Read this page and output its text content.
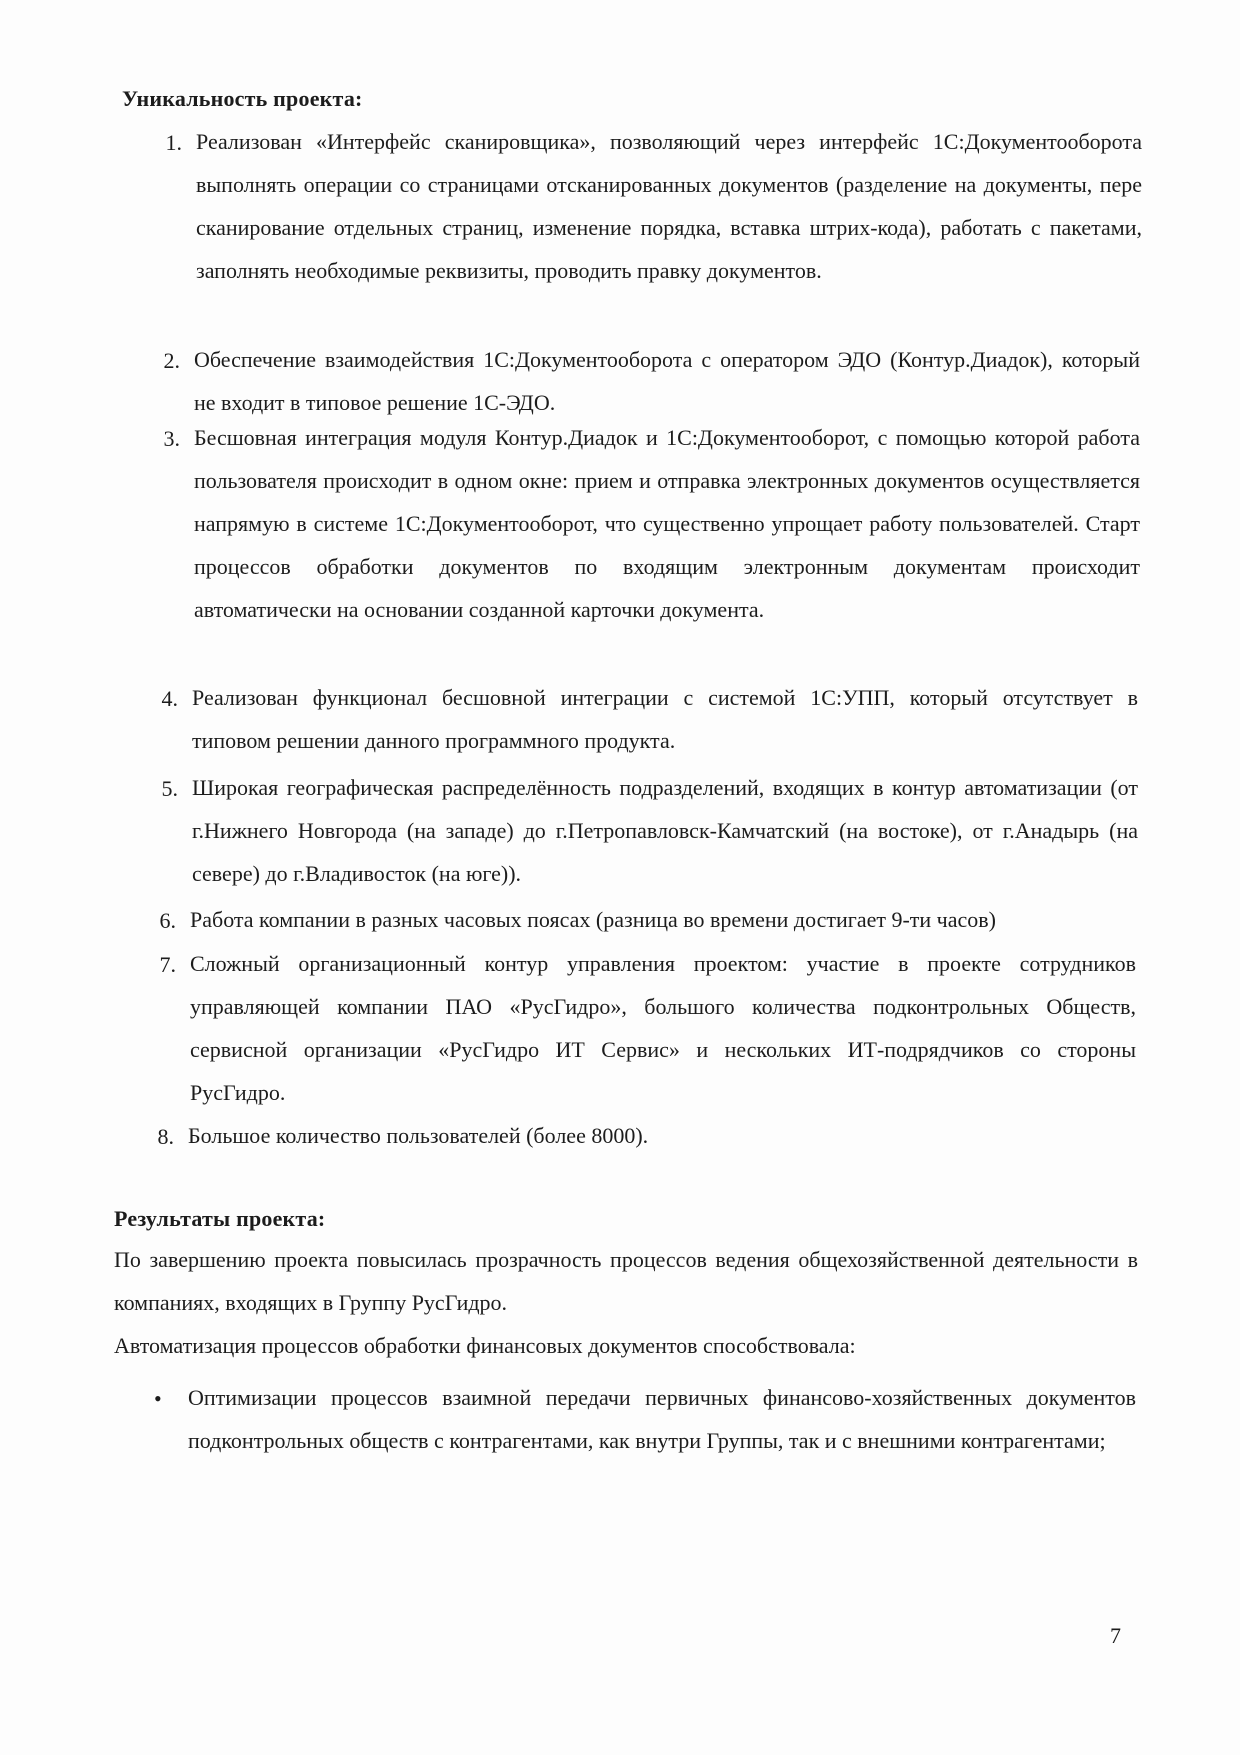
Уникальность проекта:
1. Реализован «Интерфейс сканировщика», позволяющий через интерфейс 1С:Документооборота выполнять операции со страницами отсканированных документов (разделение на документы, пере сканирование отдельных страниц, изменение порядка, вставка штрих-кода), работать с пакетами, заполнять необходимые реквизиты, проводить правку документов.
2. Обеспечение взаимодействия 1С:Документооборота с оператором ЭДО (Контур.Диадок), который не входит в типовое решение 1С-ЭДО.
3. Бесшовная интеграция модуля Контур.Диадок и 1С:Документооборот, с помощью которой работа пользователя происходит в одном окне: прием и отправка электронных документов осуществляется напрямую в системе 1С:Документооборот, что существенно упрощает работу пользователей. Старт процессов обработки документов по входящим электронным документам происходит автоматически на основании созданной карточки документа.
4. Реализован функционал бесшовной интеграции с системой 1С:УПП, который отсутствует в типовом решении данного программного продукта.
5. Широкая географическая распределённость подразделений, входящих в контур автоматизации (от г.Нижнего Новгорода (на западе) до г.Петропавловск-Камчатский (на востоке), от г.Анадырь (на севере) до г.Владивосток (на юге)).
6. Работа компании в разных часовых поясах (разница во времени достигает 9-ти часов)
7. Сложный организационный контур управления проектом: участие в проекте сотрудников управляющей компании ПАО «РусГидро», большого количества подконтрольных Обществ, сервисной организации «РусГидро ИТ Сервис» и нескольких ИТ-подрядчиков со стороны РусГидро.
8. Большое количество пользователей (более 8000).
Результаты проекта:
По завершению проекта повысилась прозрачность процессов ведения общехозяйственной деятельности в компаниях, входящих в Группу РусГидро.
Автоматизация процессов обработки финансовых документов способствовала:
• Оптимизации процессов взаимной передачи первичных финансово-хозяйственных документов подконтрольных обществ с контрагентами, как внутри Группы, так и с внешними контрагентами;
7
